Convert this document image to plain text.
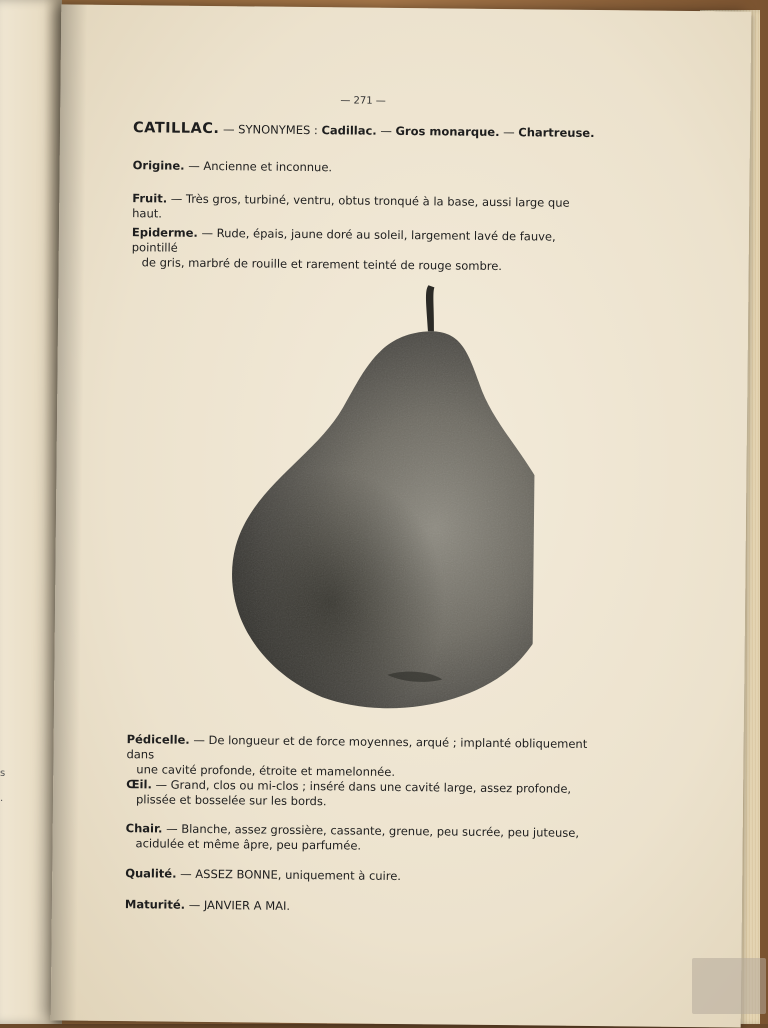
s
·
— 271 —
CATILLAC. — SYNONYMES : Cadillac. — Gros monarque. — Chartreuse.
Origine. — Ancienne et inconnue.
Fruit. — Très gros, turbiné, ventru, obtus tronqué à la base, aussi large que haut.
Epiderme. — Rude, épais, jaune doré au soleil, largement lavé de fauve, pointillé
de gris, marbré de rouille et rarement teinté de rouge sombre.
Pédicelle. — De longueur et de force moyennes, arqué ; implanté obliquement dans
une cavité profonde, étroite et mamelonnée.
Œil. — Grand, clos ou mi-clos ; inséré dans une cavité large, assez profonde,
plissée et bosselée sur les bords.
Chair. — Blanche, assez grossière, cassante, grenue, peu sucrée, peu juteuse,
acidulée et même âpre, peu parfumée.
Qualité. — ASSEZ BONNE, uniquement à cuire.
Maturité. — JANVIER A MAI.
